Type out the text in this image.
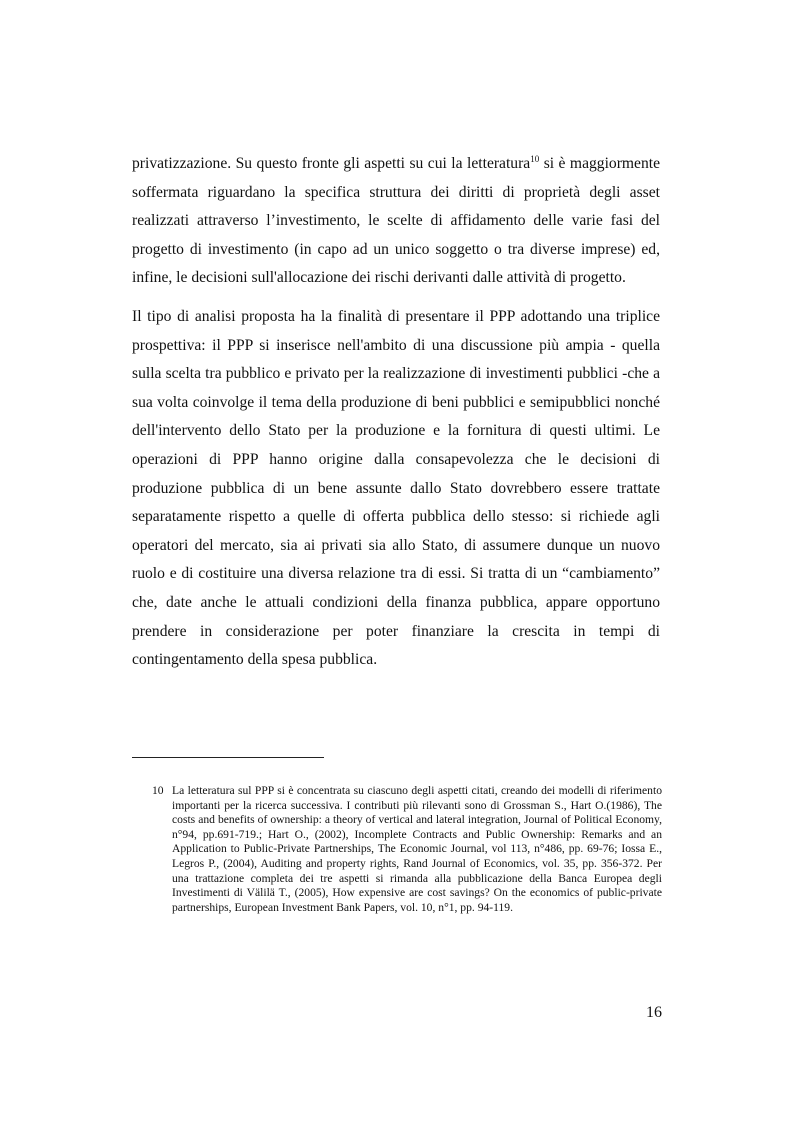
privatizzazione. Su questo fronte gli aspetti su cui la letteratura$^{10}$ si è maggiormente soffermata riguardano la specifica struttura dei diritti di proprietà degli asset realizzati attraverso l’investimento, le scelte di affidamento delle varie fasi del progetto di investimento (in capo ad un unico soggetto o tra diverse imprese) ed, infine, le decisioni sull'allocazione dei rischi derivanti dalle attività di progetto.

Il tipo di analisi proposta ha la finalità di presentare il PPP adottando una triplice prospettiva: il PPP si inserisce nell'ambito di una discussione più ampia - quella sulla scelta tra pubblico e privato per la realizzazione di investimenti pubblici -che a sua volta coinvolge il tema della produzione di beni pubblici e semipubblici nonché dell'intervento dello Stato per la produzione e la fornitura di questi ultimi. Le operazioni di PPP hanno origine dalla consapevolezza che le decisioni di produzione pubblica di un bene assunte dallo Stato dovrebbero essere trattate separatamente rispetto a quelle di offerta pubblica dello stesso: si richiede agli operatori del mercato, sia ai privati sia allo Stato, di assumere dunque un nuovo ruolo e di costituire una diversa relazione tra di essi. Si tratta di un “cambiamento” che, date anche le attuali condizioni della finanza pubblica, appare opportuno prendere in considerazione per poter finanziare la crescita in tempi di contingentamento della spesa pubblica.

10 La letteratura sul PPP si è concentrata su ciascuno degli aspetti citati, creando dei modelli di riferimento importanti per la ricerca successiva. I contributi più rilevanti sono di Grossman S., Hart O.(1986), The costs and benefits of ownership: a theory of vertical and lateral integration, Journal of Political Economy, n°94, pp.691-719.; Hart O., (2002), Incomplete Contracts and Public Ownership: Remarks and an Application to Public-Private Partnerships, The Economic Journal, vol 113, n°486, pp. 69-76; Iossa E., Legros P., (2004), Auditing and property rights, Rand Journal of Economics, vol. 35, pp. 356-372. Per una trattazione completa dei tre aspetti si rimanda alla pubblicazione della Banca Europea degli Investimenti di Välilä T., (2005), How expensive are cost savings? On the economics of public-private partnerships, European Investment Bank Papers, vol. 10, n°1, pp. 94-119.
16
